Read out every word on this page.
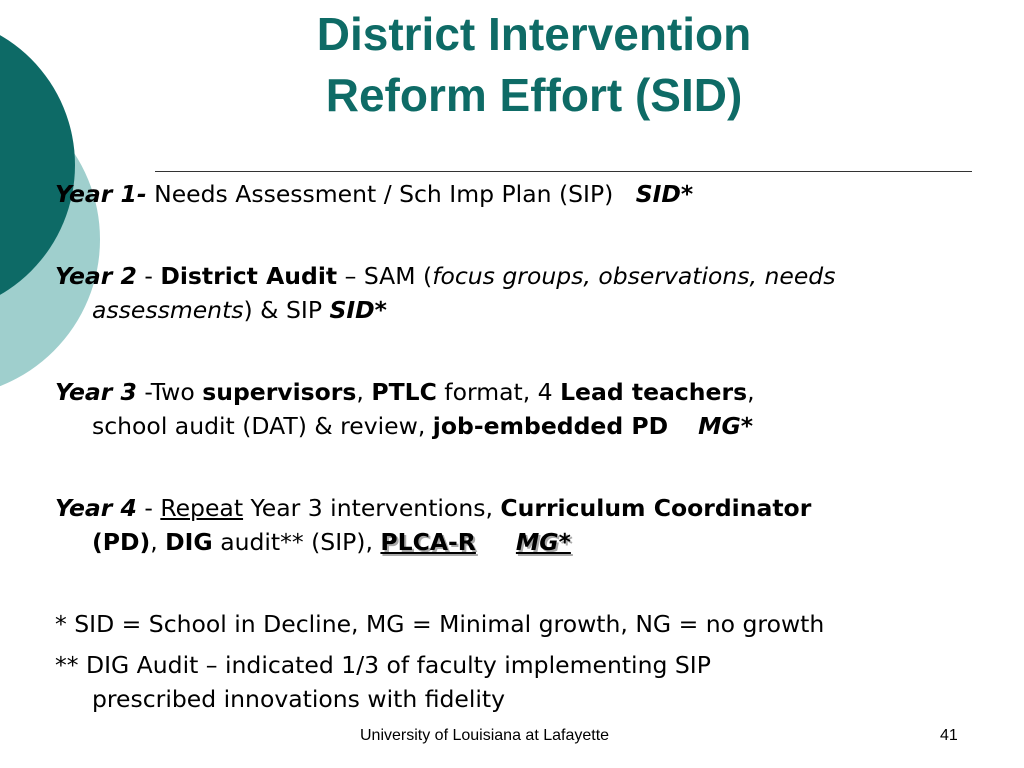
District Intervention
Reform Effort (SID)
Year 1- Needs Assessment / Sch Imp Plan (SIP)   SID*
Year 2 - District Audit – SAM (focus groups, observations, needs
assessments) & SIP SID*
Year 3 -Two supervisors, PTLC format, 4 Lead teachers,
school audit (DAT) & review, job-embedded PD MG*
Year 4 - Repeat Year 3 interventions, Curriculum Coordinator
(PD), DIG audit** (SIP), PLCA-R MG*
* SID = School in Decline, MG = Minimal growth, NG = no growth
** DIG Audit – indicated 1/3 of faculty implementing SIP
prescribed innovations with fidelity
University of Louisiana at Lafayette	41
